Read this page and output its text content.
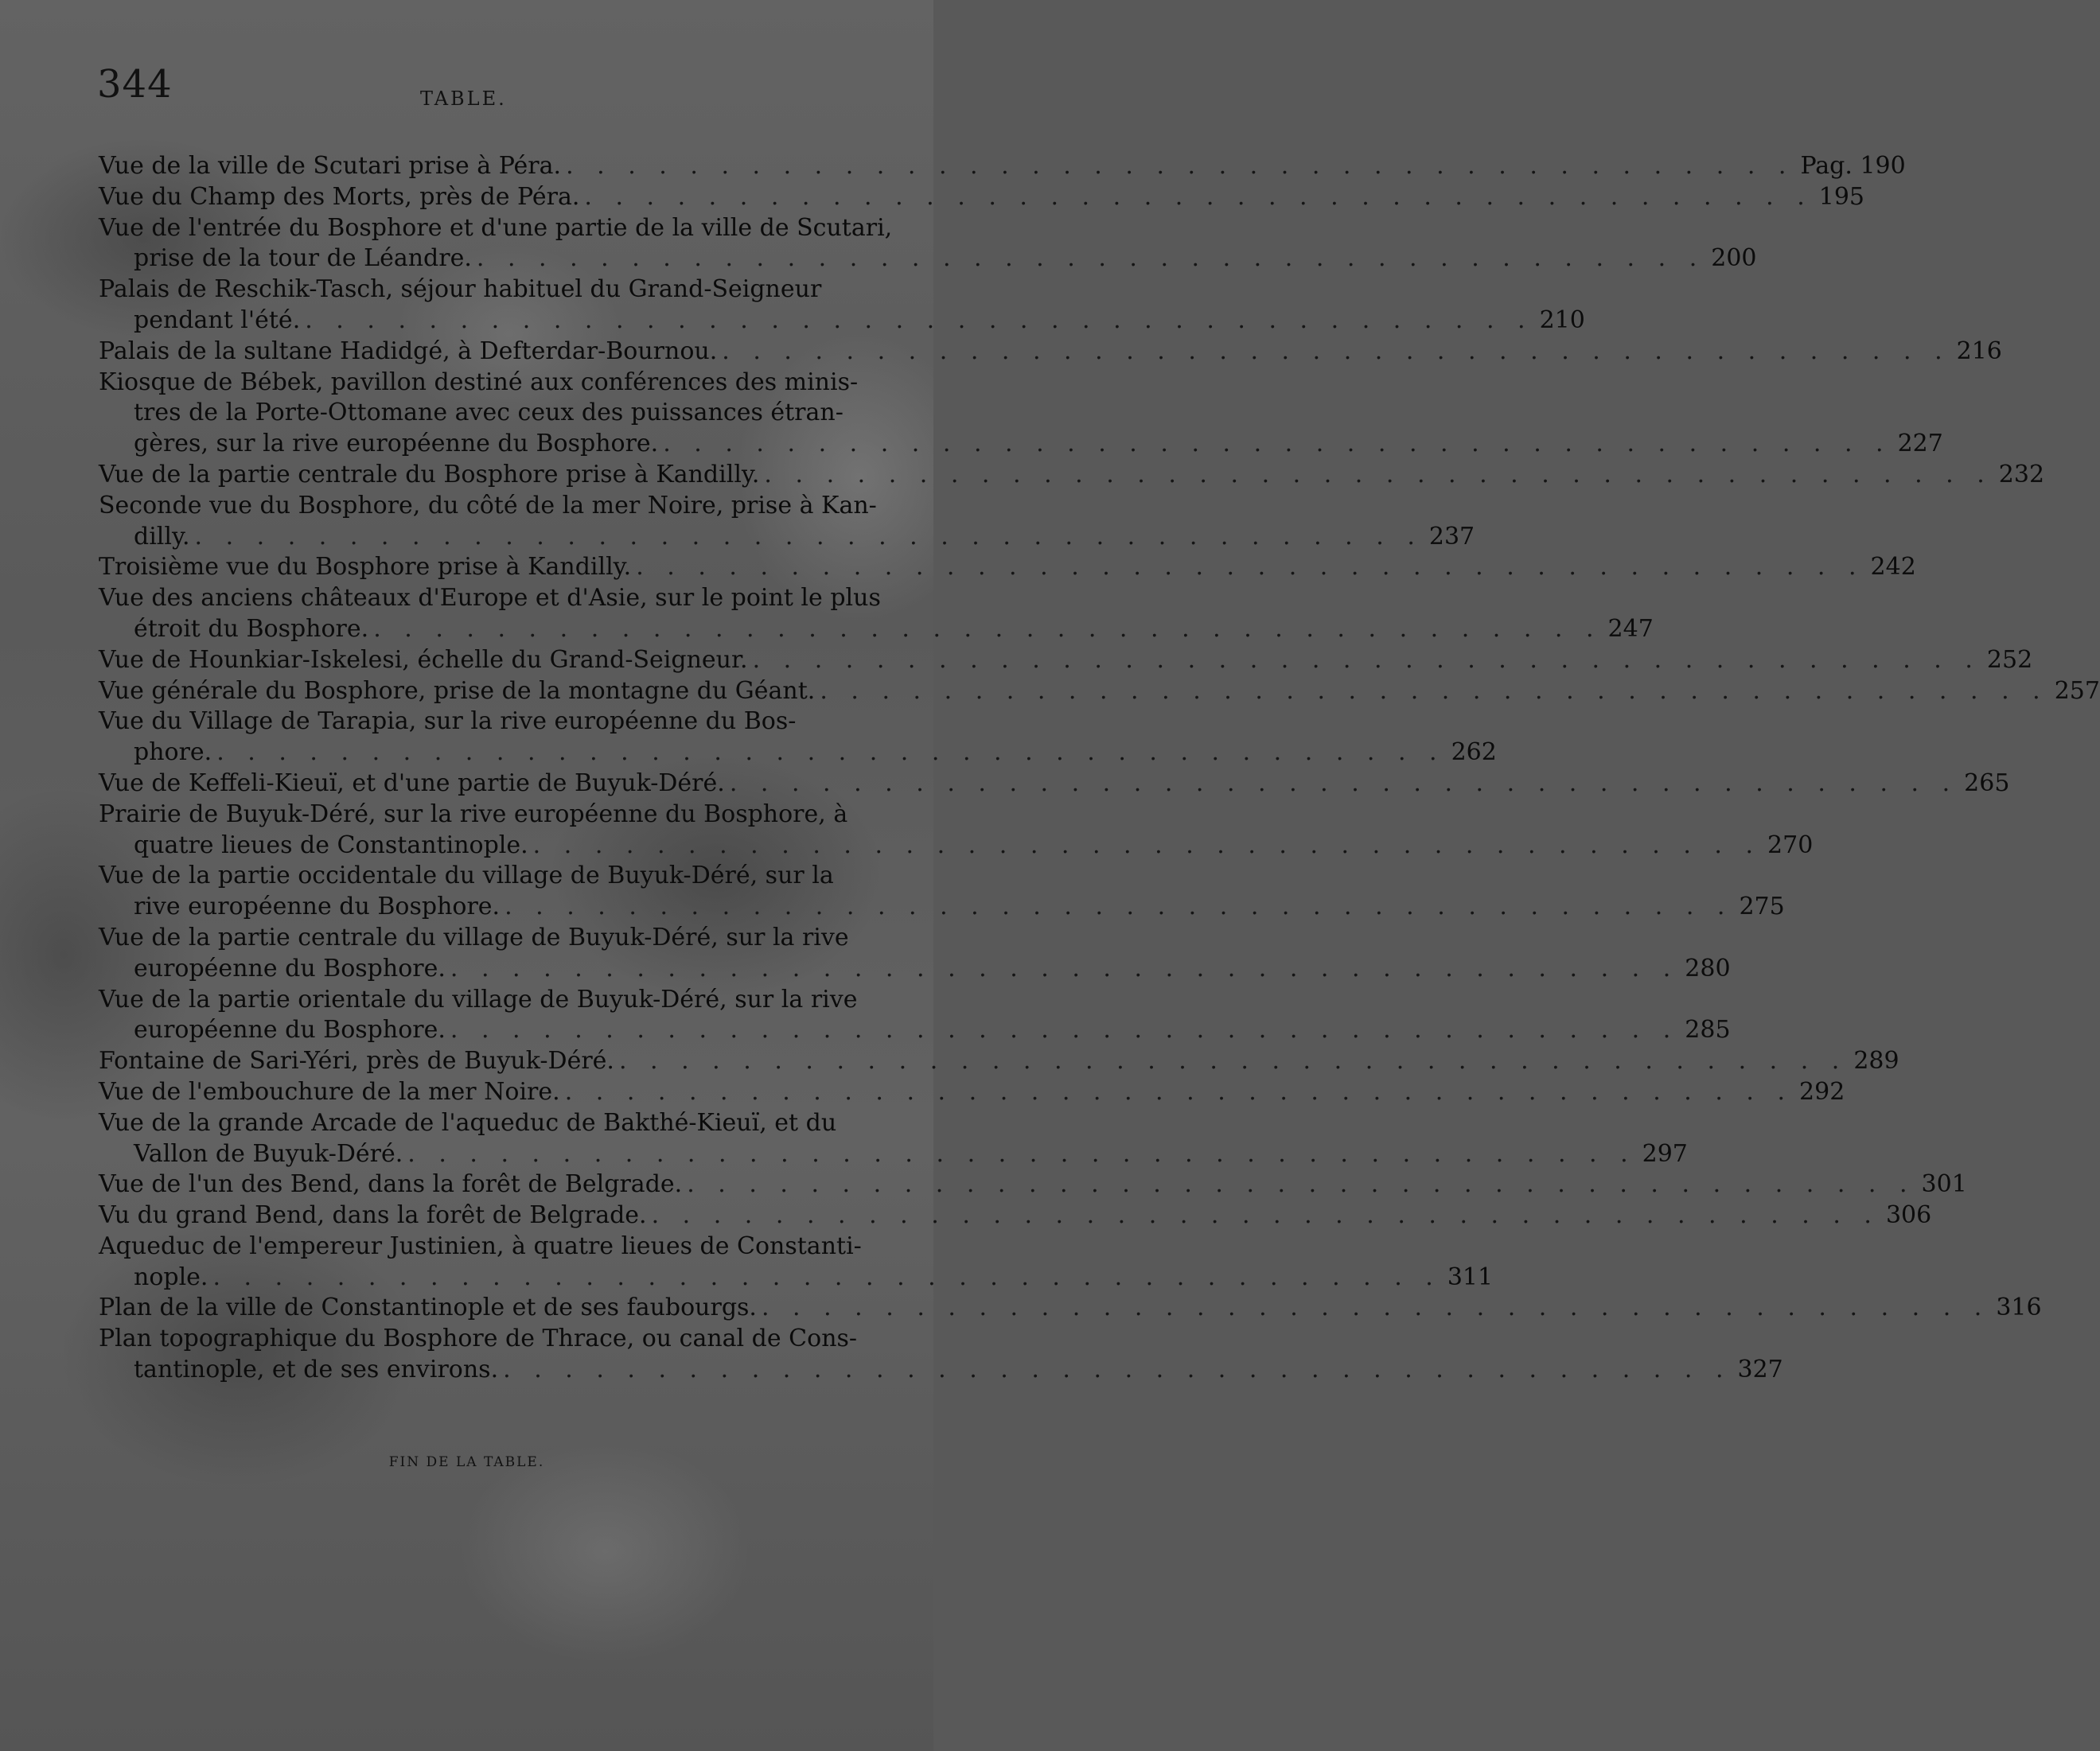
344	TABLE.
Vue de la ville de Scutari prise à Péra. . . . . . . . . . . . . . . . . . . . . . . . . . . . . . . . . . . . . . . . . Pag. 190
Vue du Champ des Morts, près de Péra. . . . . . . . . . . . . . . . . . . . . . . . . . . . . . . . . . . . . . . . . 195
Vue de l'entrée du Bosphore et d'une partie de la ville de Scutari,
prise de la tour de Léandre. . . . . . . . . . . . . . . . . . . . . . . . . . . . . . . . . . . . . . . . . 200
Palais de Reschik-Tasch, séjour habituel du Grand-Seigneur
pendant l'été. . . . . . . . . . . . . . . . . . . . . . . . . . . . . . . . . . . . . . . . . 210
Palais de la sultane Hadidgé, à Defterdar-Bournou. . . . . . . . . . . . . . . . . . . . . . . . . . . . . . . . . . . . . . . . . 216
Kiosque de Bébek, pavillon destiné aux conférences des minis-
tres de la Porte-Ottomane avec ceux des puissances étran-
gères, sur la rive européenne du Bosphore. . . . . . . . . . . . . . . . . . . . . . . . . . . . . . . . . . . . . . . . . 227
Vue de la partie centrale du Bosphore prise à Kandilly. . . . . . . . . . . . . . . . . . . . . . . . . . . . . . . . . . . . . . . . . 232
Seconde vue du Bosphore, du côté de la mer Noire, prise à Kan-
dilly. . . . . . . . . . . . . . . . . . . . . . . . . . . . . . . . . . . . . . . . . 237
Troisième vue du Bosphore prise à Kandilly. . . . . . . . . . . . . . . . . . . . . . . . . . . . . . . . . . . . . . . . . 242
Vue des anciens châteaux d'Europe et d'Asie, sur le point le plus
étroit du Bosphore. . . . . . . . . . . . . . . . . . . . . . . . . . . . . . . . . . . . . . . . . 247
Vue de Hounkiar-Iskelesi, échelle du Grand-Seigneur. . . . . . . . . . . . . . . . . . . . . . . . . . . . . . . . . . . . . . . . . 252
Vue générale du Bosphore, prise de la montagne du Géant. . . . . . . . . . . . . . . . . . . . . . . . . . . . . . . . . . . . . . . . . 257
Vue du Village de Tarapia, sur la rive européenne du Bos-
phore. . . . . . . . . . . . . . . . . . . . . . . . . . . . . . . . . . . . . . . . . 262
Vue de Keffeli-Kieuï, et d'une partie de Buyuk-Déré. . . . . . . . . . . . . . . . . . . . . . . . . . . . . . . . . . . . . . . . . 265
Prairie de Buyuk-Déré, sur la rive européenne du Bosphore, à
quatre lieues de Constantinople. . . . . . . . . . . . . . . . . . . . . . . . . . . . . . . . . . . . . . . . . 270
Vue de la partie occidentale du village de Buyuk-Déré, sur la
rive européenne du Bosphore. . . . . . . . . . . . . . . . . . . . . . . . . . . . . . . . . . . . . . . . . 275
Vue de la partie centrale du village de Buyuk-Déré, sur la rive
européenne du Bosphore. . . . . . . . . . . . . . . . . . . . . . . . . . . . . . . . . . . . . . . . . 280
Vue de la partie orientale du village de Buyuk-Déré, sur la rive
européenne du Bosphore. . . . . . . . . . . . . . . . . . . . . . . . . . . . . . . . . . . . . . . . . 285
Fontaine de Sari-Yéri, près de Buyuk-Déré. . . . . . . . . . . . . . . . . . . . . . . . . . . . . . . . . . . . . . . . . 289
Vue de l'embouchure de la mer Noire. . . . . . . . . . . . . . . . . . . . . . . . . . . . . . . . . . . . . . . . . 292
Vue de la grande Arcade de l'aqueduc de Bakthé-Kieuï, et du
Vallon de Buyuk-Déré. . . . . . . . . . . . . . . . . . . . . . . . . . . . . . . . . . . . . . . . . 297
Vue de l'un des Bend, dans la forêt de Belgrade. . . . . . . . . . . . . . . . . . . . . . . . . . . . . . . . . . . . . . . . . 301
Vu du grand Bend, dans la forêt de Belgrade. . . . . . . . . . . . . . . . . . . . . . . . . . . . . . . . . . . . . . . . . 306
Aqueduc de l'empereur Justinien, à quatre lieues de Constanti-
nople. . . . . . . . . . . . . . . . . . . . . . . . . . . . . . . . . . . . . . . . . 311
Plan de la ville de Constantinople et de ses faubourgs. . . . . . . . . . . . . . . . . . . . . . . . . . . . . . . . . . . . . . . . . 316
Plan topographique du Bosphore de Thrace, ou canal de Cons-
tantinople, et de ses environs. . . . . . . . . . . . . . . . . . . . . . . . . . . . . . . . . . . . . . . . . 327
FIN DE LA TABLE.
